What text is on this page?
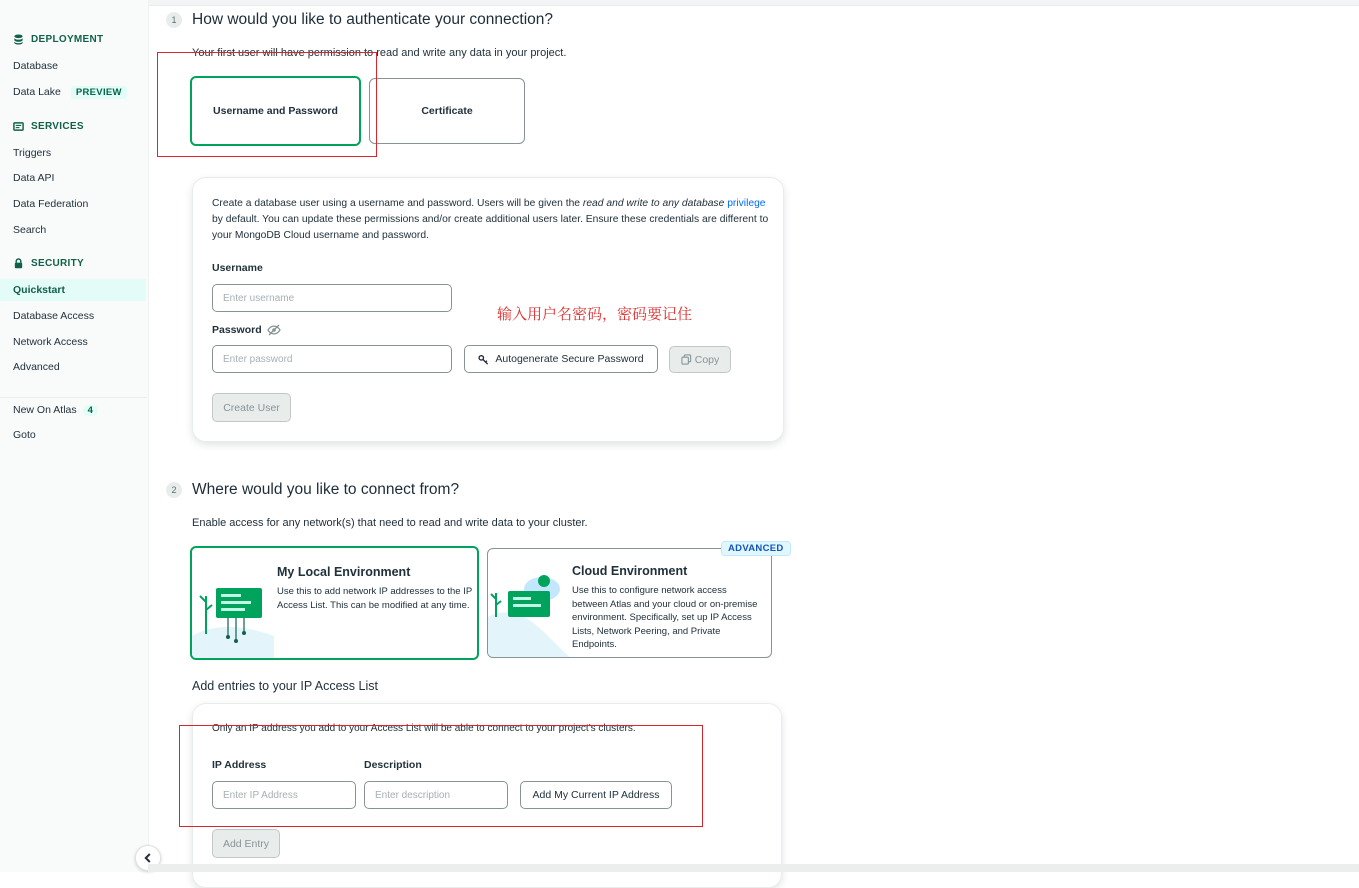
DEPLOYMENT
Database
Data Lake PREVIEW
SERVICES
Triggers
Data API
Data Federation
Search
SECURITY
Quickstart
Database Access
Network Access
Advanced
New On Atlas 4
Goto
1	How would you like to authenticate your connection?
Your first user will have permission to read and write any data in your project.
Username and Password	Certificate
Create a database user using a username and password. Users will be given the read and write to any database privilege by default. You can update these permissions and/or create additional users later. Ensure these credentials are different to your MongoDB Cloud username and password.
Username
Enter username
Password
Autogenerate Secure Password	Copy
Create User
输入用户名密码，密码要记住
2	Where would you like to connect from?
Enable access for any network(s) that need to read and write data to your cluster.
My Local Environment
Use this to add network IP addresses to the IP Access List. This can be modified at any time.
Cloud Environment
Use this to configure network access between Atlas and your cloud or on-premise environment. Specifically, set up IP Access Lists, Network Peering, and Private Endpoints.
ADVANCED
Add entries to your IP Access List
Only an IP address you add to your Access List will be able to connect to your project's clusters.
IP Address	Description
Enter IP Address
Enter description
Add My Current IP Address
Add Entry
